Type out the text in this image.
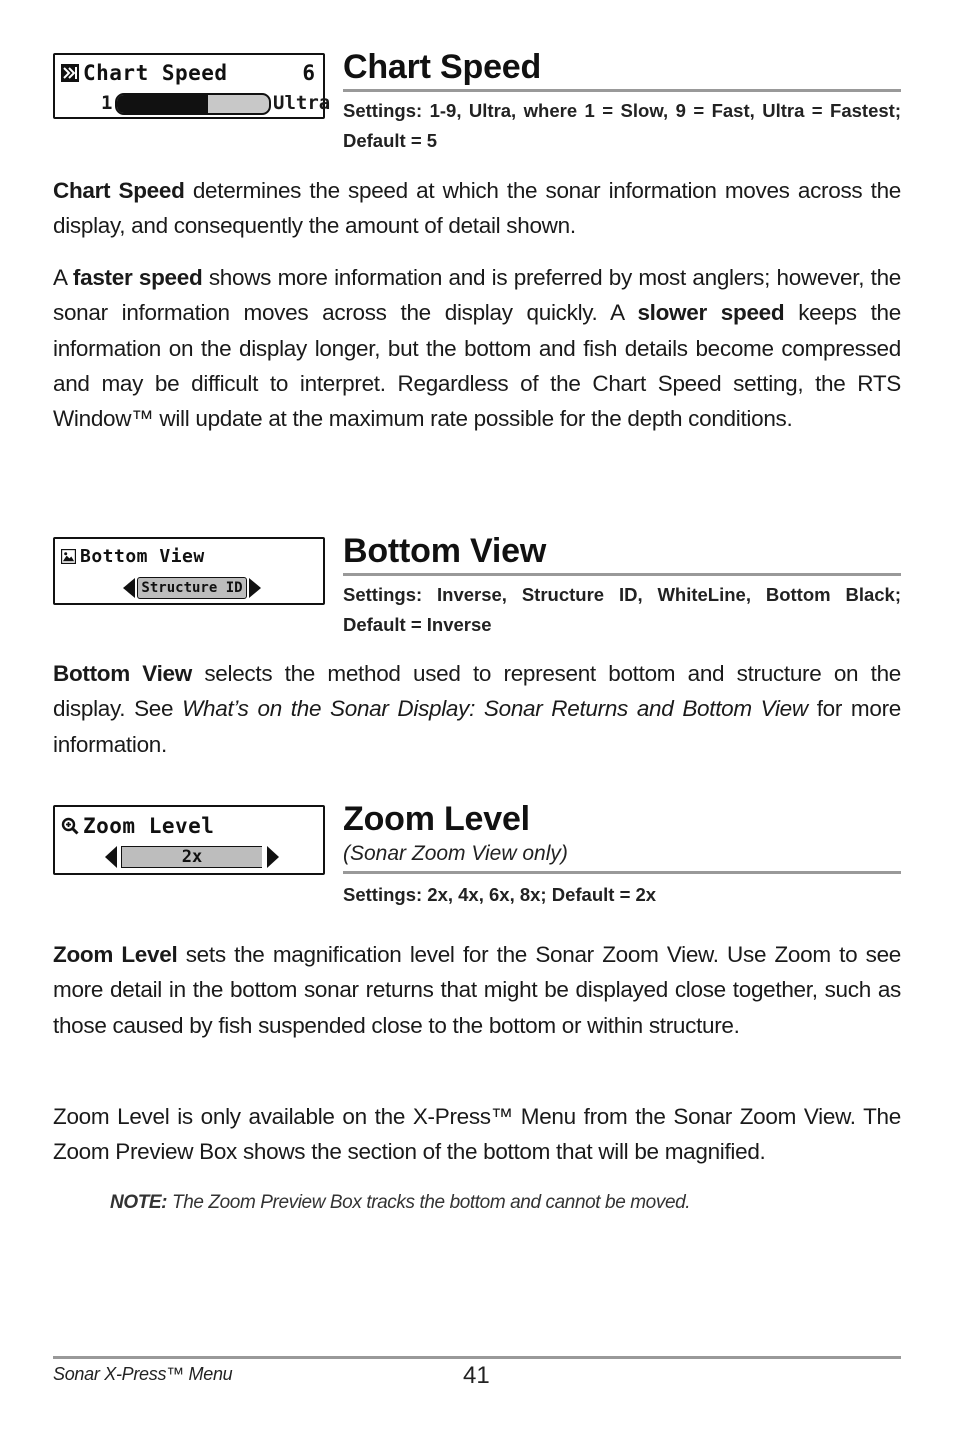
Chart Speed	6
1	Ultra
Chart Speed
Settings: 1-9, Ultra, where 1 = Slow, 9 = Fast, Ultra = Fastest; Default = 5

Chart Speed determines the speed at which the sonar information moves across the display, and consequently the amount of detail shown.

A faster speed shows more information and is preferred by most anglers; however, the sonar information moves across the display quickly. A slower speed keeps the information on the display longer, but the bottom and fish details become compressed and may be difficult to interpret. Regardless of the Chart Speed setting, the RTS Window™ will update at the maximum rate possible for the depth conditions.

Bottom View
Structure ID
Bottom View
Settings: Inverse, Structure ID, WhiteLine, Bottom Black; Default = Inverse

Bottom View selects the method used to represent bottom and structure on the display. See What’s on the Sonar Display: Sonar Returns and Bottom View for more information.

Zoom Level
2x
Zoom Level
(Sonar Zoom View only)
Settings: 2x, 4x, 6x, 8x; Default = 2x

Zoom Level sets the magnification level for the Sonar Zoom View. Use Zoom to see more detail in the bottom sonar returns that might be displayed close together, such as those caused by fish suspended close to the bottom or within structure.

Zoom Level is only available on the X-Press™ Menu from the Sonar Zoom View. The Zoom Preview Box shows the section of the bottom that will be magnified.

NOTE: The Zoom Preview Box tracks the bottom and cannot be moved.
Sonar X-Press™ Menu	41
